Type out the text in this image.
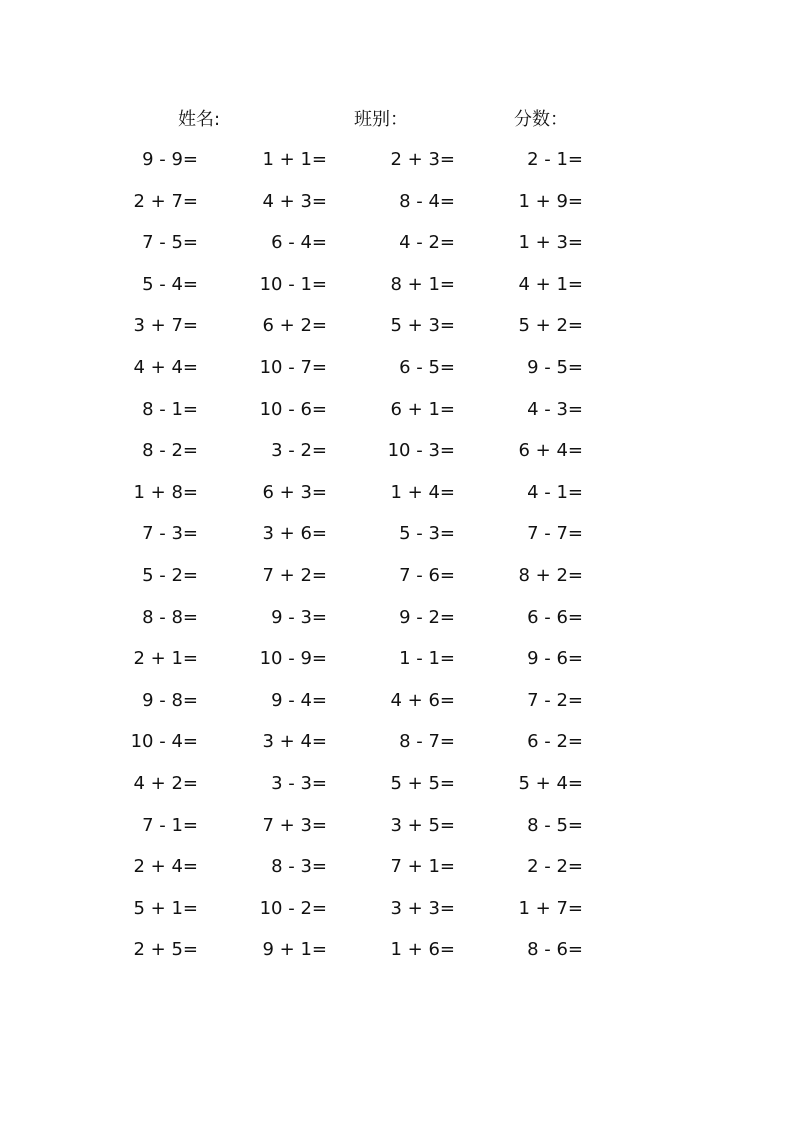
姓名:	班别：	分数：
9 - 9=	1 + 1=	2 + 3=	2 - 1=
2 + 7=	4 + 3=	8 - 4=	1 + 9=
7 - 5=	6 - 4=	4 - 2=	1 + 3=
5 - 4=	10 - 1=	8 + 1=	4 + 1=
3 + 7=	6 + 2=	5 + 3=	5 + 2=
4 + 4=	10 - 7=	6 - 5=	9 - 5=
8 - 1=	10 - 6=	6 + 1=	4 - 3=
8 - 2=	3 - 2=	10 - 3=	6 + 4=
1 + 8=	6 + 3=	1 + 4=	4 - 1=
7 - 3=	3 + 6=	5 - 3=	7 - 7=
5 - 2=	7 + 2=	7 - 6=	8 + 2=
8 - 8=	9 - 3=	9 - 2=	6 - 6=
2 + 1=	10 - 9=	1 - 1=	9 - 6=
9 - 8=	9 - 4=	4 + 6=	7 - 2=
10 - 4=	3 + 4=	8 - 7=	6 - 2=
4 + 2=	3 - 3=	5 + 5=	5 + 4=
7 - 1=	7 + 3=	3 + 5=	8 - 5=
2 + 4=	8 - 3=	7 + 1=	2 - 2=
5 + 1=	10 - 2=	3 + 3=	1 + 7=
2 + 5=	9 + 1=	1 + 6=	8 - 6=
